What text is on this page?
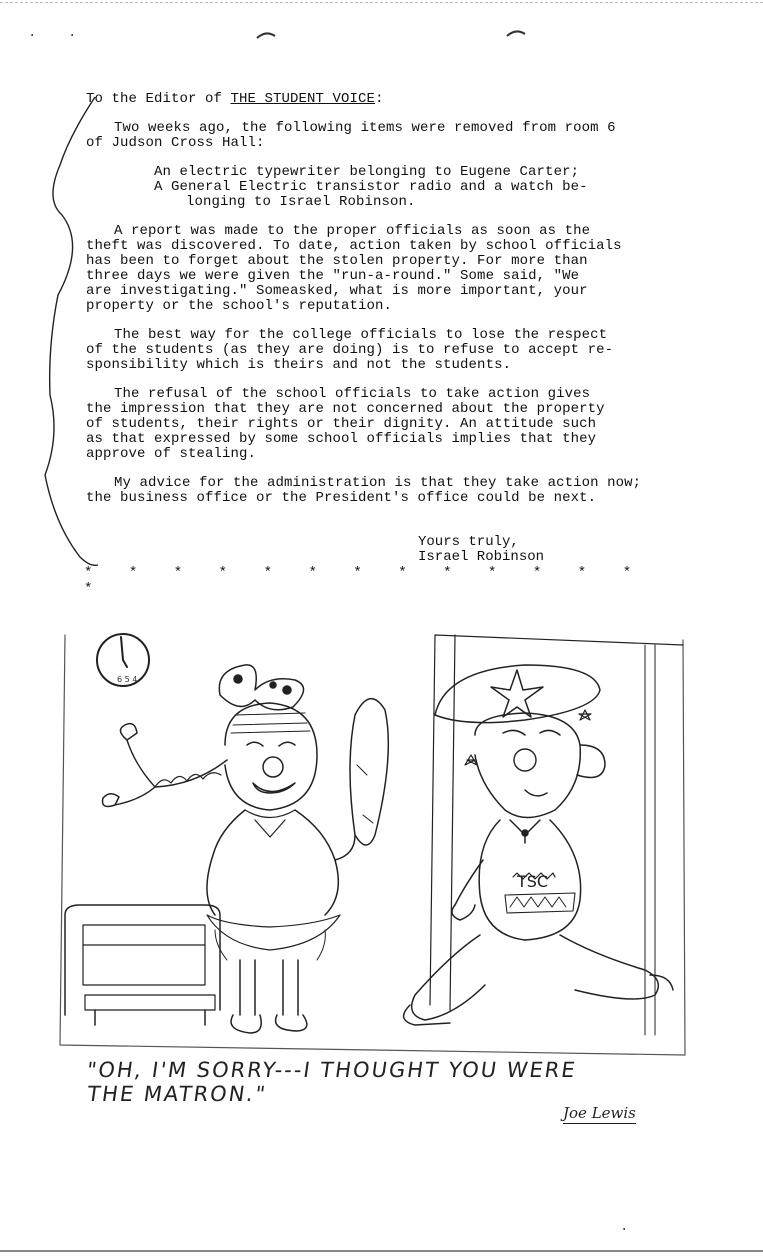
· ·

To the Editor of THE STUDENT VOICE:

Two weeks ago, the following items were removed from room 6
of Judson Cross Hall:

An electric typewriter belonging to Eugene Carter;
A General Electric transistor radio and a watch be-
longing to Israel Robinson.

A report was made to the proper officials as soon as the
theft was discovered. To date, action taken by school officials
has been to forget about the stolen property. For more than
three days we were given the "run-a-round." Some said, "We
are investigating." Someasked, what is more important, your
property or the school's reputation.

The best way for the college officials to lose the respect
of the students (as they are doing) is to refuse to accept re-
sponsibility which is theirs and not the students.

The refusal of the school officials to take action gives
the impression that they are not concerned about the property
of students, their rights or their dignity. An attitude such
as that expressed by some school officials implies that they
approve of stealing.

My advice for the administration is that they take action now;
the business office or the President's office could be next.

Yours truly,
Israel Robinson
*	*	*	*	*	*	*	*	*	*	*	*	**
6 5 4
TSC
"OH, I'M SORRY---I THOUGHT YOU WERE
THE MATRON."
Joe Lewis
·
